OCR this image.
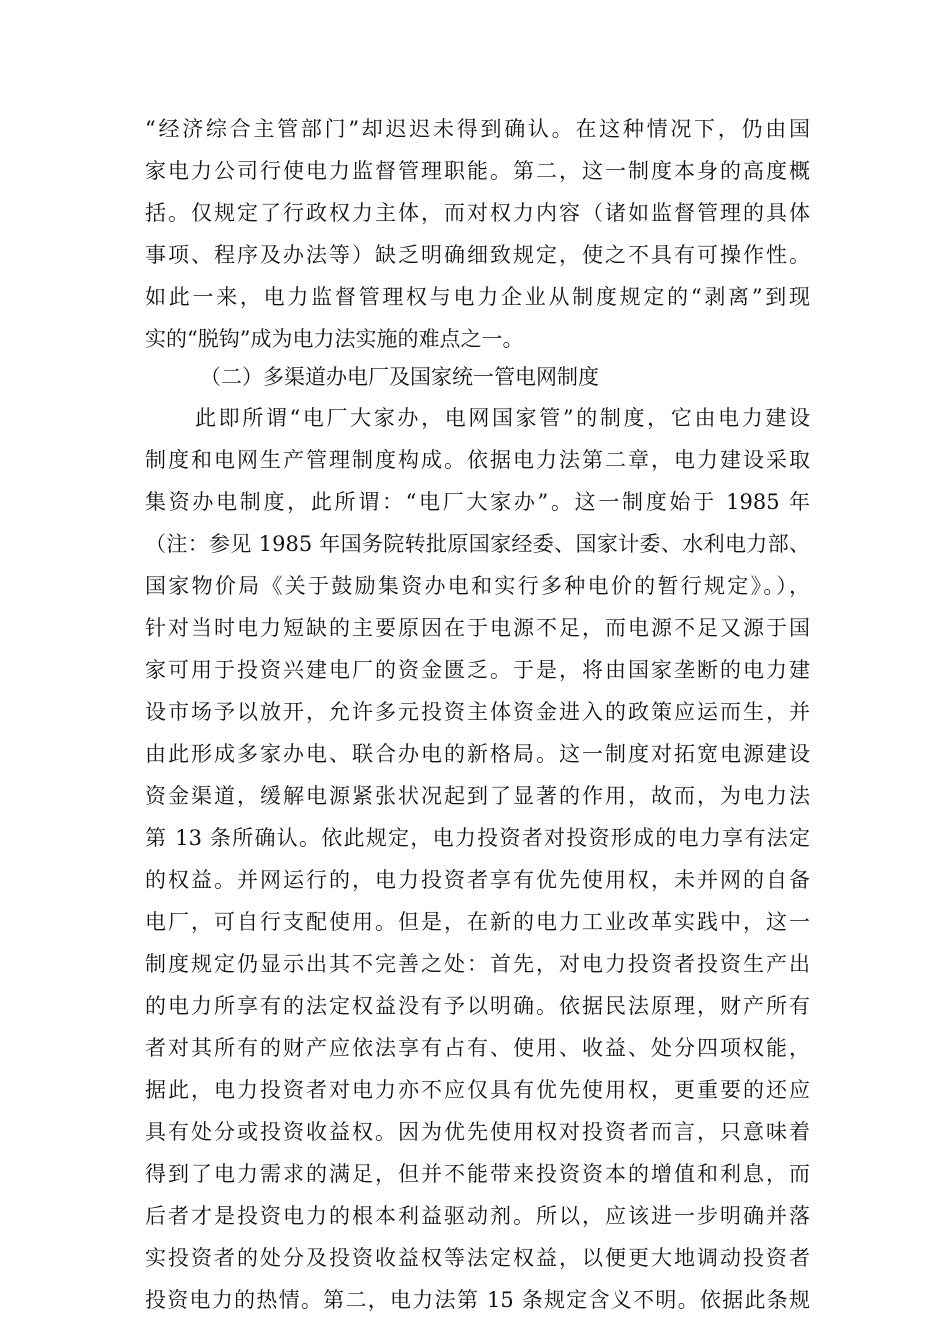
“经济综合主管部门”却迟迟未得到确认。在这种情况下，仍由国
家电力公司行使电力监督管理职能。第二，这一制度本身的高度概
括。仅规定了行政权力主体，而对权力内容（诸如监督管理的具体
事项、程序及办法等）缺乏明确细致规定，使之不具有可操作性。
如此一来，电力监督管理权与电力企业从制度规定的“剥离”到现
实的“脱钩”成为电力法实施的难点之一。
（二）多渠道办电厂及国家统一管电网制度
此即所谓“电厂大家办，电网国家管”的制度，它由电力建设
制度和电网生产管理制度构成。依据电力法第二章，电力建设采取
集资办电制度，此所谓：“电厂大家办”。这一制度始于 1985 年
（注：参见 1985 年国务院转批原国家经委、国家计委、水利电力部、
国家物价局《关于鼓励集资办电和实行多种电价的暂行规定》。），
针对当时电力短缺的主要原因在于电源不足，而电源不足又源于国
家可用于投资兴建电厂的资金匮乏。于是，将由国家垄断的电力建
设市场予以放开，允许多元投资主体资金进入的政策应运而生，并
由此形成多家办电、联合办电的新格局。这一制度对拓宽电源建设
资金渠道，缓解电源紧张状况起到了显著的作用，故而，为电力法
第 13 条所确认。依此规定，电力投资者对投资形成的电力享有法定
的权益。并网运行的，电力投资者享有优先使用权，未并网的自备
电厂，可自行支配使用。但是，在新的电力工业改革实践中，这一
制度规定仍显示出其不完善之处：首先，对电力投资者投资生产出
的电力所享有的法定权益没有予以明确。依据民法原理，财产所有
者对其所有的财产应依法享有占有、使用、收益、处分四项权能，
据此，电力投资者对电力亦不应仅具有优先使用权，更重要的还应
具有处分或投资收益权。因为优先使用权对投资者而言，只意味着
得到了电力需求的满足，但并不能带来投资资本的增值和利息，而
后者才是投资电力的根本利益驱动剂。所以，应该进一步明确并落
实投资者的处分及投资收益权等法定权益，以便更大地调动投资者
投资电力的热情。第二，电力法第 15 条规定含义不明。依据此条规
